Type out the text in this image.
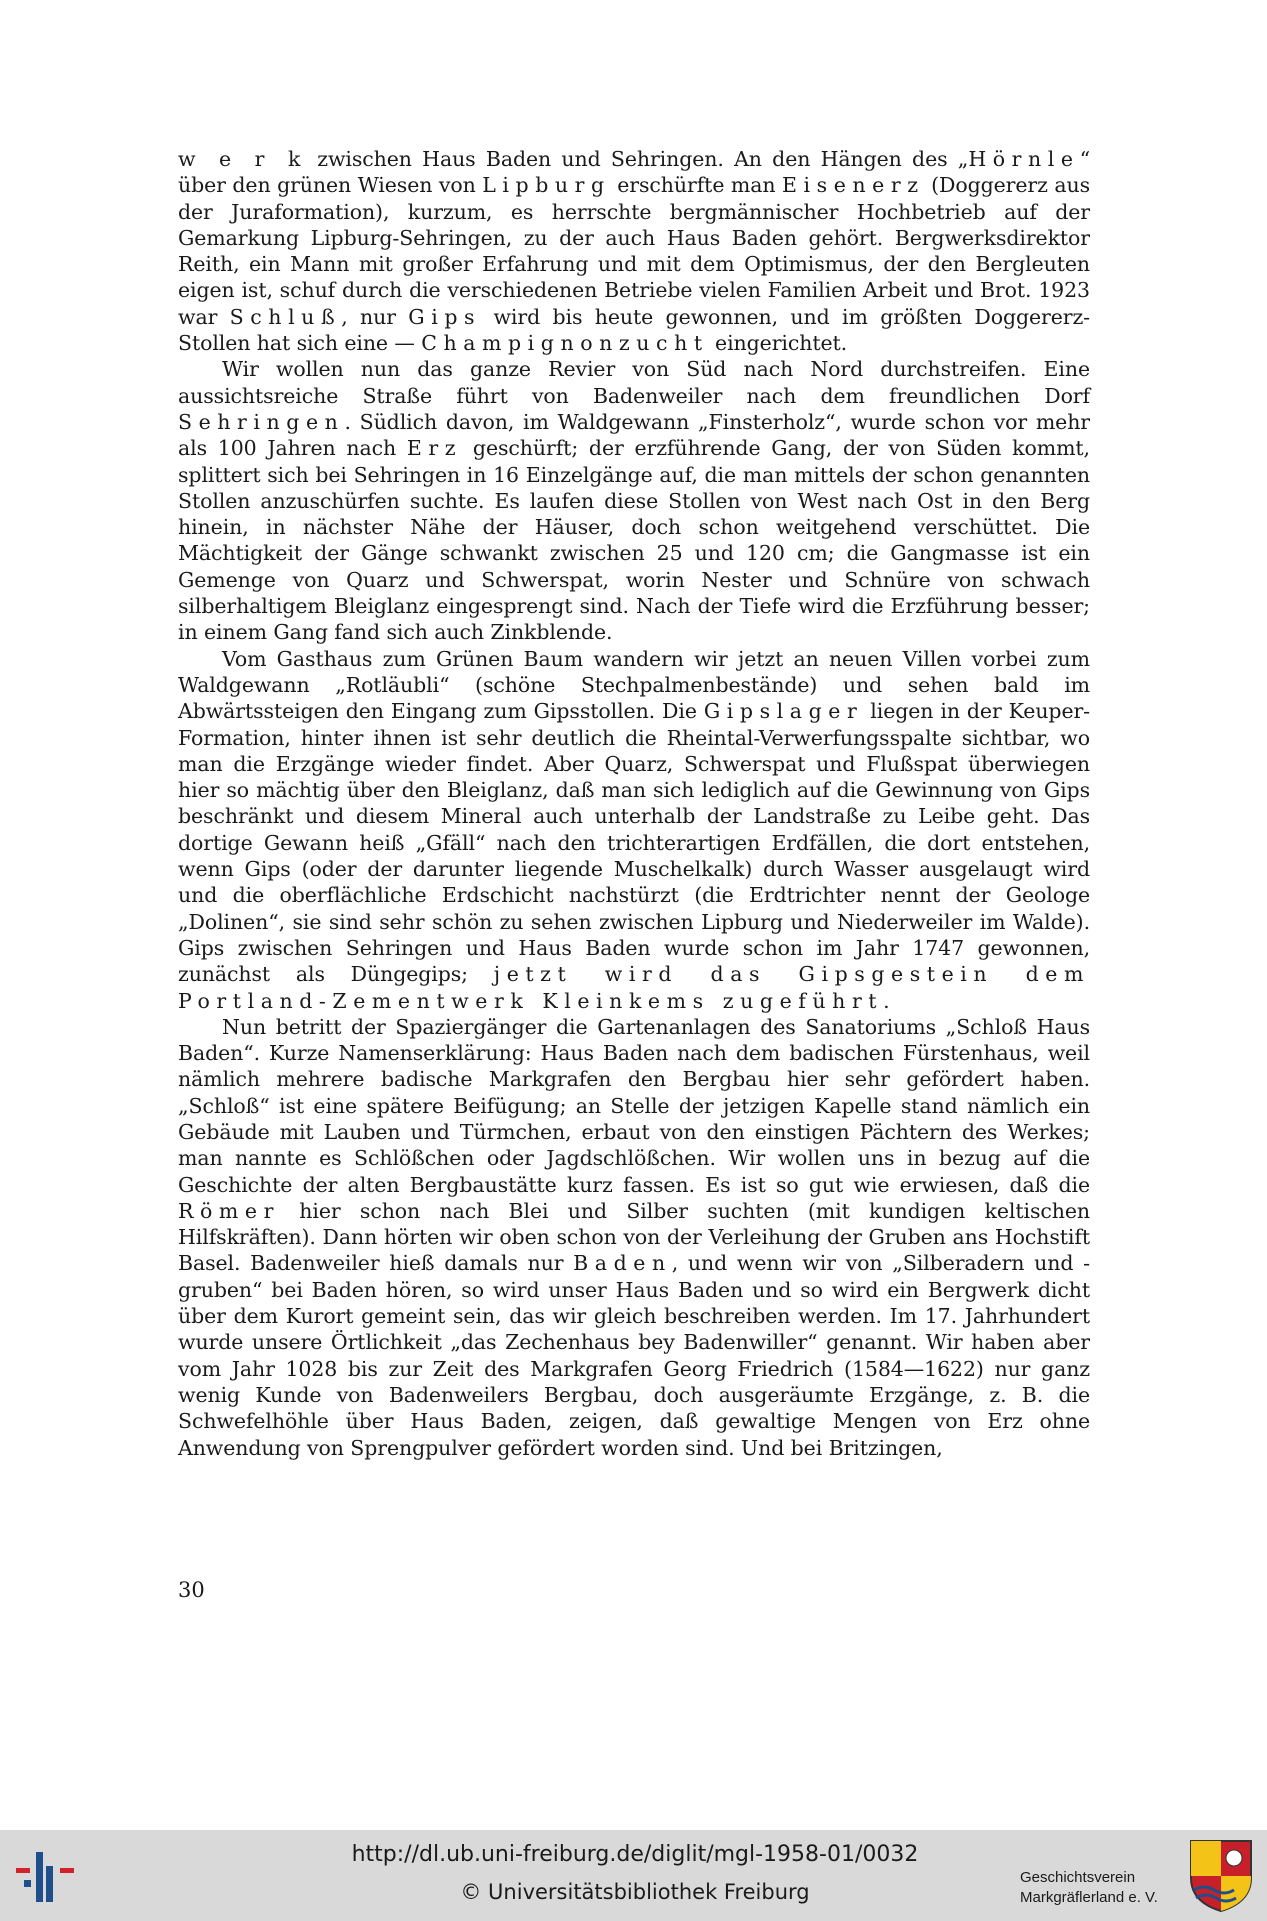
w e r k zwischen Haus Baden und Sehringen. An den Hängen des „Hörnle“ über den grünen Wiesen von Lipburg erschürfte man Eisenerz (Doggererz aus der Juraformation), kurzum, es herrschte bergmännischer Hochbetrieb auf der Gemarkung Lipburg-Sehringen, zu der auch Haus Baden gehört. Bergwerksdirektor Reith, ein Mann mit großer Erfahrung und mit dem Optimismus, der den Bergleuten eigen ist, schuf durch die verschiedenen Betriebe vielen Familien Arbeit und Brot. 1923 war Schluß, nur Gips wird bis heute gewonnen, und im größten Doggererz-Stollen hat sich eine — Champignonzucht eingerichtet.

Wir wollen nun das ganze Revier von Süd nach Nord durchstreifen. Eine aussichtsreiche Straße führt von Badenweiler nach dem freundlichen Dorf Sehringen. Südlich davon, im Waldgewann „Finsterholz“, wurde schon vor mehr als 100 Jahren nach Erz geschürft; der erzführende Gang, der von Süden kommt, splittert sich bei Sehringen in 16 Einzelgänge auf, die man mittels der schon genannten Stollen anzuschürfen suchte. Es laufen diese Stollen von West nach Ost in den Berg hinein, in nächster Nähe der Häuser, doch schon weitgehend verschüttet. Die Mächtigkeit der Gänge schwankt zwischen 25 und 120 cm; die Gangmasse ist ein Gemenge von Quarz und Schwerspat, worin Nester und Schnüre von schwach silberhaltigem Bleiglanz eingesprengt sind. Nach der Tiefe wird die Erzführung besser; in einem Gang fand sich auch Zinkblende.

Vom Gasthaus zum Grünen Baum wandern wir jetzt an neuen Villen vorbei zum Waldgewann „Rotläubli“ (schöne Stechpalmenbestände) und sehen bald im Abwärtssteigen den Eingang zum Gipsstollen. Die Gipslager liegen in der Keuper-Formation, hinter ihnen ist sehr deutlich die Rheintal-Verwerfungsspalte sichtbar, wo man die Erzgänge wieder findet. Aber Quarz, Schwerspat und Flußspat überwiegen hier so mächtig über den Bleiglanz, daß man sich lediglich auf die Gewinnung von Gips beschränkt und diesem Mineral auch unterhalb der Landstraße zu Leibe geht. Das dortige Gewann heiß „Gfäll“ nach den trichterartigen Erdfällen, die dort entstehen, wenn Gips (oder der darunter liegende Muschelkalk) durch Wasser ausgelaugt wird und die oberflächliche Erdschicht nachstürzt (die Erdtrichter nennt der Geologe „Dolinen“, sie sind sehr schön zu sehen zwischen Lipburg und Niederweiler im Walde). Gips zwischen Sehringen und Haus Baden wurde schon im Jahr 1747 gewonnen, zunächst als Düngegips; jetzt wird das Gipsgestein dem Portland-Zementwerk Kleinkems zugeführt.

Nun betritt der Spaziergänger die Gartenanlagen des Sanatoriums „Schloß Haus Baden“. Kurze Namenserklärung: Haus Baden nach dem badischen Fürstenhaus, weil nämlich mehrere badische Markgrafen den Bergbau hier sehr gefördert haben. „Schloß“ ist eine spätere Beifügung; an Stelle der jetzigen Kapelle stand nämlich ein Gebäude mit Lauben und Türmchen, erbaut von den einstigen Pächtern des Werkes; man nannte es Schlößchen oder Jagdschlößchen. Wir wollen uns in bezug auf die Geschichte der alten Bergbaustätte kurz fassen. Es ist so gut wie erwiesen, daß die Römer hier schon nach Blei und Silber suchten (mit kundigen keltischen Hilfskräften). Dann hörten wir oben schon von der Verleihung der Gruben ans Hochstift Basel. Badenweiler hieß damals nur Baden, und wenn wir von „Silberadern und -gruben“ bei Baden hören, so wird unser Haus Baden und so wird ein Bergwerk dicht über dem Kurort gemeint sein, das wir gleich beschreiben werden. Im 17. Jahrhundert wurde unsere Örtlichkeit „das Zechenhaus bey Badenwiller“ genannt. Wir haben aber vom Jahr 1028 bis zur Zeit des Markgrafen Georg Friedrich (1584—1622) nur ganz wenig Kunde von Badenweilers Bergbau, doch ausgeräumte Erzgänge, z. B. die Schwefelhöhle über Haus Baden, zeigen, daß gewaltige Mengen von Erz ohne Anwendung von Sprengpulver gefördert worden sind. Und bei Britzingen,

30
http://dl.ub.uni-freiburg.de/diglit/mgl-1958-01/0032
© Universitätsbibliothek Freiburg
Geschichtsverein
Markgräflerland e. V.
